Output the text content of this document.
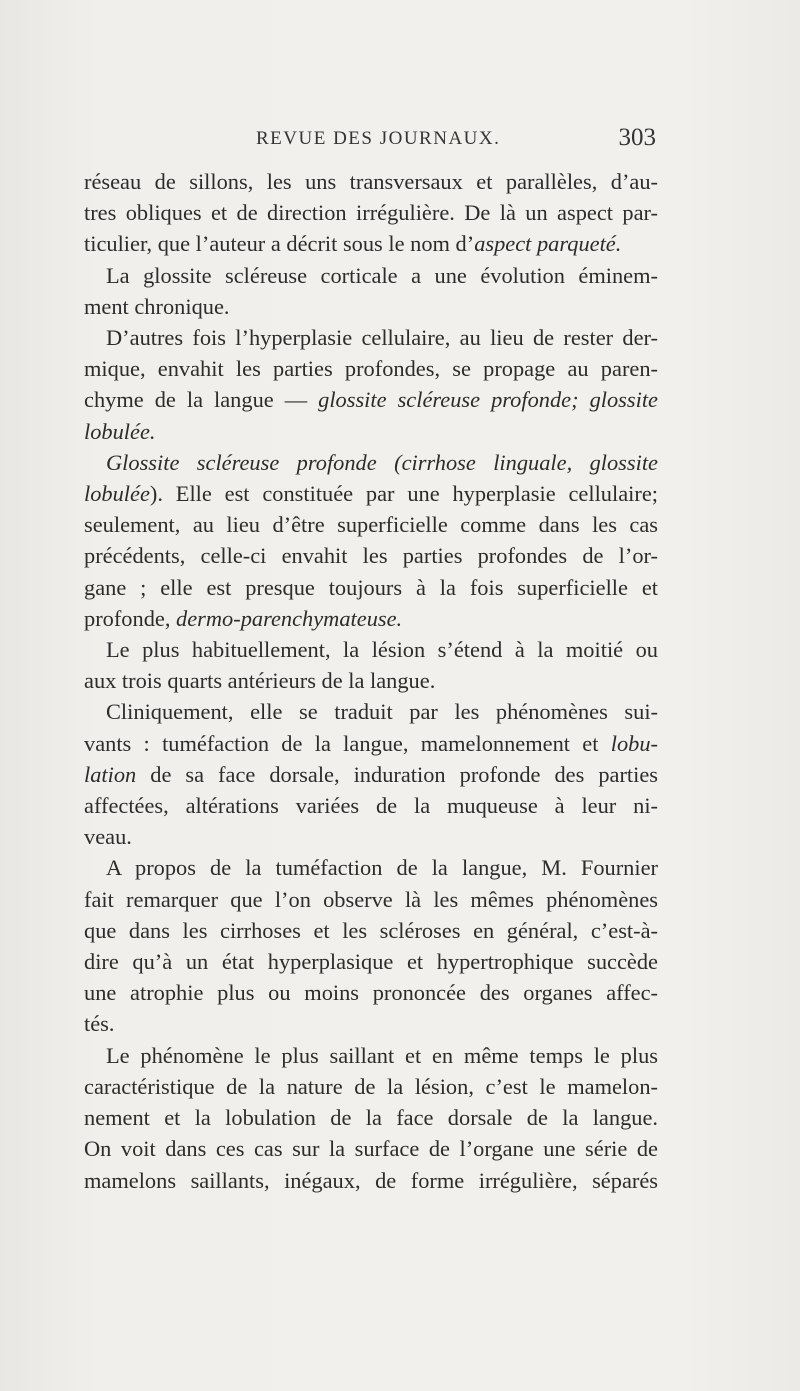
REVUE DES JOURNAUX.	303
réseau de sillons, les uns transversaux et parallèles, d’au-
tres obliques et de direction irrégulière. De là un aspect par-
ticulier, que l’auteur a décrit sous le nom d’aspect parqueté.
La glossite scléreuse corticale a une évolution éminem-
ment chronique.
D’autres fois l’hyperplasie cellulaire, au lieu de rester der-
mique, envahit les parties profondes, se propage au paren-
chyme de la langue — glossite scléreuse profonde; glossite
lobulée.
Glossite scléreuse profonde (cirrhose linguale, glossite
lobulée). Elle est constituée par une hyperplasie cellulaire;
seulement, au lieu d’être superficielle comme dans les cas
précédents, celle-ci envahit les parties profondes de l’or-
gane ; elle est presque toujours à la fois superficielle et
profonde, dermo-parenchymateuse.
Le plus habituellement, la lésion s’étend à la moitié ou
aux trois quarts antérieurs de la langue.
Cliniquement, elle se traduit par les phénomènes sui-
vants : tuméfaction de la langue, mamelonnement et lobu-
lation de sa face dorsale, induration profonde des parties
affectées, altérations variées de la muqueuse à leur ni-
veau.
A propos de la tuméfaction de la langue, M. Fournier
fait remarquer que l’on observe là les mêmes phénomènes
que dans les cirrhoses et les scléroses en général, c’est-à-
dire qu’à un état hyperplasique et hypertrophique succède
une atrophie plus ou moins prononcée des organes affec-
tés.
Le phénomène le plus saillant et en même temps le plus
caractéristique de la nature de la lésion, c’est le mamelon-
nement et la lobulation de la face dorsale de la langue.
On voit dans ces cas sur la surface de l’organe une série de
mamelons saillants, inégaux, de forme irrégulière, séparés
